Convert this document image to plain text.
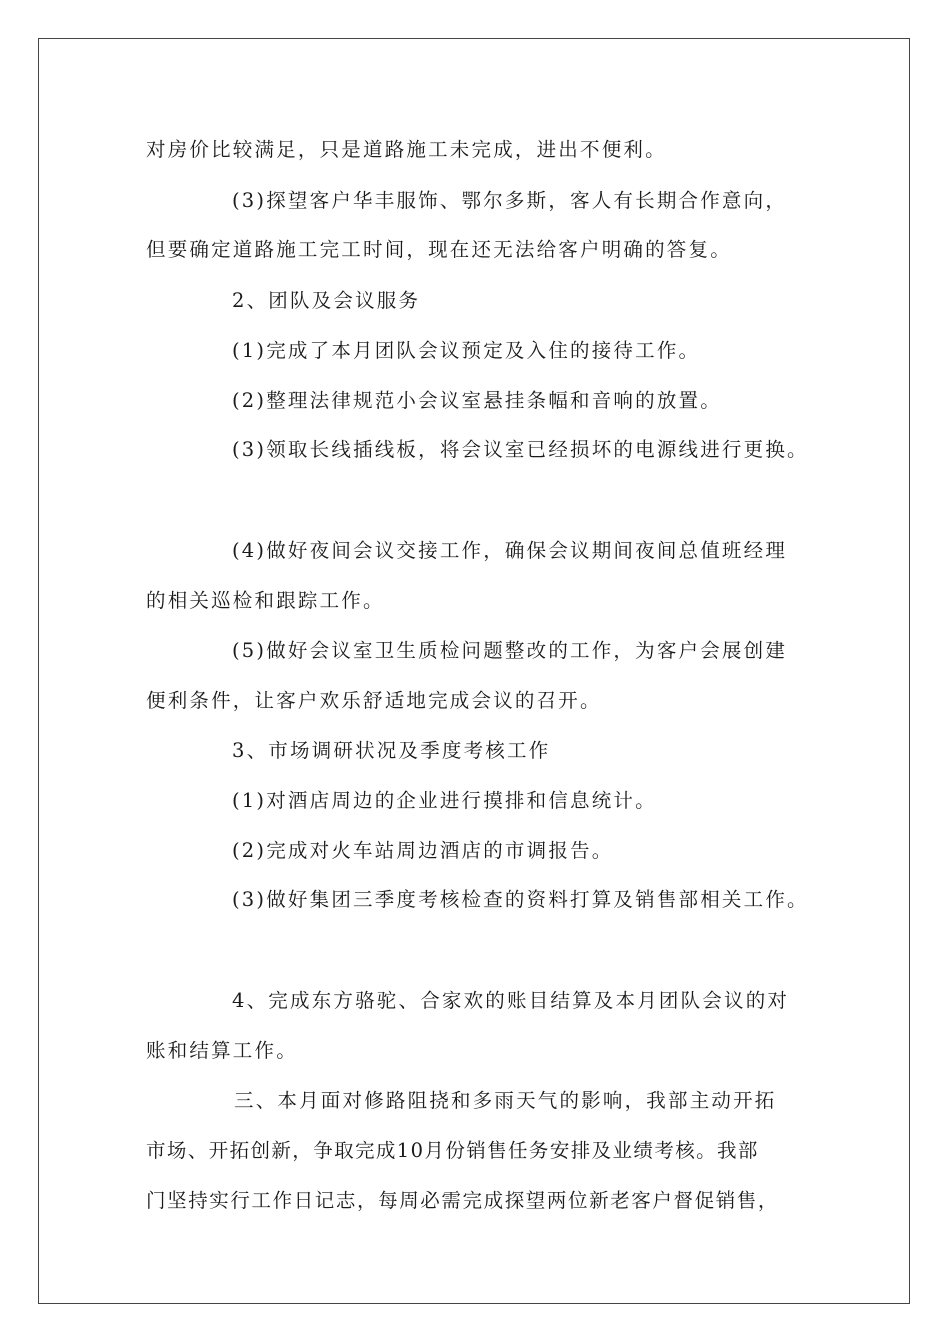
对房价比较满足，只是道路施工未完成，进出不便利。
(3)探望客户华丰服饰、鄂尔多斯，客人有长期合作意向，
但要确定道路施工完工时间，现在还无法给客户明确的答复。
2、团队及会议服务
(1)完成了本月团队会议预定及入住的接待工作。
(2)整理法律规范小会议室悬挂条幅和音响的放置。
(3)领取长线插线板，将会议室已经损坏的电源线进行更换。
(4)做好夜间会议交接工作，确保会议期间夜间总值班经理
的相关巡检和跟踪工作。
(5)做好会议室卫生质检问题整改的工作，为客户会展创建
便利条件，让客户欢乐舒适地完成会议的召开。
3、市场调研状况及季度考核工作
(1)对酒店周边的企业进行摸排和信息统计。
(2)完成对火车站周边酒店的市调报告。
(3)做好集团三季度考核检查的资料打算及销售部相关工作。
4、完成东方骆驼、合家欢的账目结算及本月团队会议的对
账和结算工作。
三、本月面对修路阻挠和多雨天气的影响，我部主动开拓
市场、开拓创新，争取完成10月份销售任务安排及业绩考核。我部
门坚持实行工作日记志，每周必需完成探望两位新老客户督促销售，
